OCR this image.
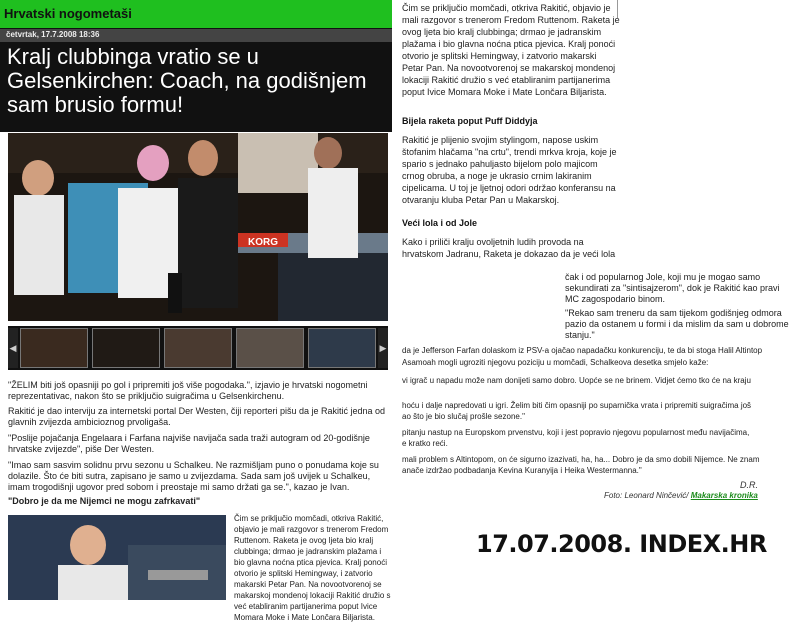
Hrvatski nogometaši
četvrtak, 17.7.2008 18:36
Kralj clubbinga vratio se u Gelsenkirchen: Coach, na godišnjem sam brusio formu!
KORG
◀	▶

"ŽELIM biti još opasniji po gol i pripremiti još više pogodaka.", izjavio je hrvatski nogometni reprezentativac, nakon što se priključio suigračima u Gelsenkirchenu.

Rakitić je dao interviju za internetski portal Der Westen, čiji reporteri pišu da je Rakitić jedna od glavnih zvijezda ambicioznog prvoligaša.

"Poslije pojačanja Engelaara i Farfana najviše navijača sada traži autogram od 20-godišnje hrvatske zvijezde", piše Der Westen.

"Imao sam sasvim solidnu prvu sezonu u Schalkeu. Ne razmišljam puno o ponudama koje su dolazile. Što će biti sutra, zapisano je samo u zvijezdama. Sada sam još uvijek u Schalkeu, imam trogodišnji ugovor pred sobom i preostaje mi samo držati ga se.", kazao je Ivan.

"Dobro je da me Nijemci ne mogu zafrkavati"

Čim se priključio momčadi, otkriva Rakitić, objavio je mali razgovor s trenerom Fredom Ruttenom. Raketa je ovog ljeta bio kralj clubbinga; drmao je jadranskim plažama i bio glavna noćna ptica pjevica. Kralj ponoći otvorio je splitski Hemingway, i zatvorio makarski Petar Pan. Na novootvorenoj se makarskoj mondenoj lokaciji Rakitić družio s već etabliranim partijanerima poput Ivice Momara Moke i Mate Lončara Biljarista.

Čim se priključio momčadi, otkriva Rakitić, objavio je mali razgovor s trenerom Fredom Ruttenom. Raketa je ovog ljeta bio kralj clubbinga; drmao je jadranskim plažama i bio glavna noćna ptica pjevica. Kralj ponoći otvorio je splitski Hemingway, i zatvorio makarski Petar Pan. Na novootvorenoj se makarskoj mondenoj lokaciji Rakitić družio s već etabliranim partijanerima poput Ivice Momara Moke i Mate Lončara Biljarista.

Bijela raketa poput Puff Diddyja

Rakitić je plijenio svojim stylingom, napose uskim štofanim hlačama "na crtu", trendi mrkva kroja, koje je spario s jednako pahuljasto bijelom polo majicom crnog obruba, a noge je ukrasio crnim lakiranim cipelicama. U toj je ljetnoj odori održao konferansu na otvaranju kluba Petar Pan u Makarskoj.

Veći lola i od Jole

Kako i priliči kralju ovoljetnih ludih provoda na hrvatskom Jadranu, Raketa je dokazao da je veći lola

čak i od popularnog Jole, koji mu je mogao samo sekundirati za "sintisajzerom", dok je Rakitić kao pravi MC zagospodario binom.

"Rekao sam treneru da sam tijekom godišnjeg odmora pazio da ostanem u formi i da mislim da sam u dobrome stanju."

da je Jefferson Farfan dolaskom iz PSV-a ojačao napadačku konkurenciju, te da bi stoga Halil Altintop

Asamoah mogli ugroziti njegovu poziciju u momčadi, Schalkeova desetka smjelo kaže:

vi igrač u napadu može nam donijeti samo dobro. Uopće se ne brinem. Vidjet ćemo tko će na kraju

hoću i dalje napredovati u igri. Želim biti čim opasniji po suparnička vrata i pripremiti suigračima još

ao što je bio slučaj prošle sezone."

pitanju nastup na Europskom prvenstvu, koji i jest popravio njegovu popularnost među navijačima,

e kratko reći.

mali problem s Altintopom, on će sigurno izazivati, ha, ha... Dobro je da smo dobili Nijemce. Ne znam

anače izdržao podbadanja Kevina Kuranyija i Heika Westermanna."

D.R.
Foto: Leonard Ninčević/ Makarska kronika
17.07.2008. INDEX.HR
